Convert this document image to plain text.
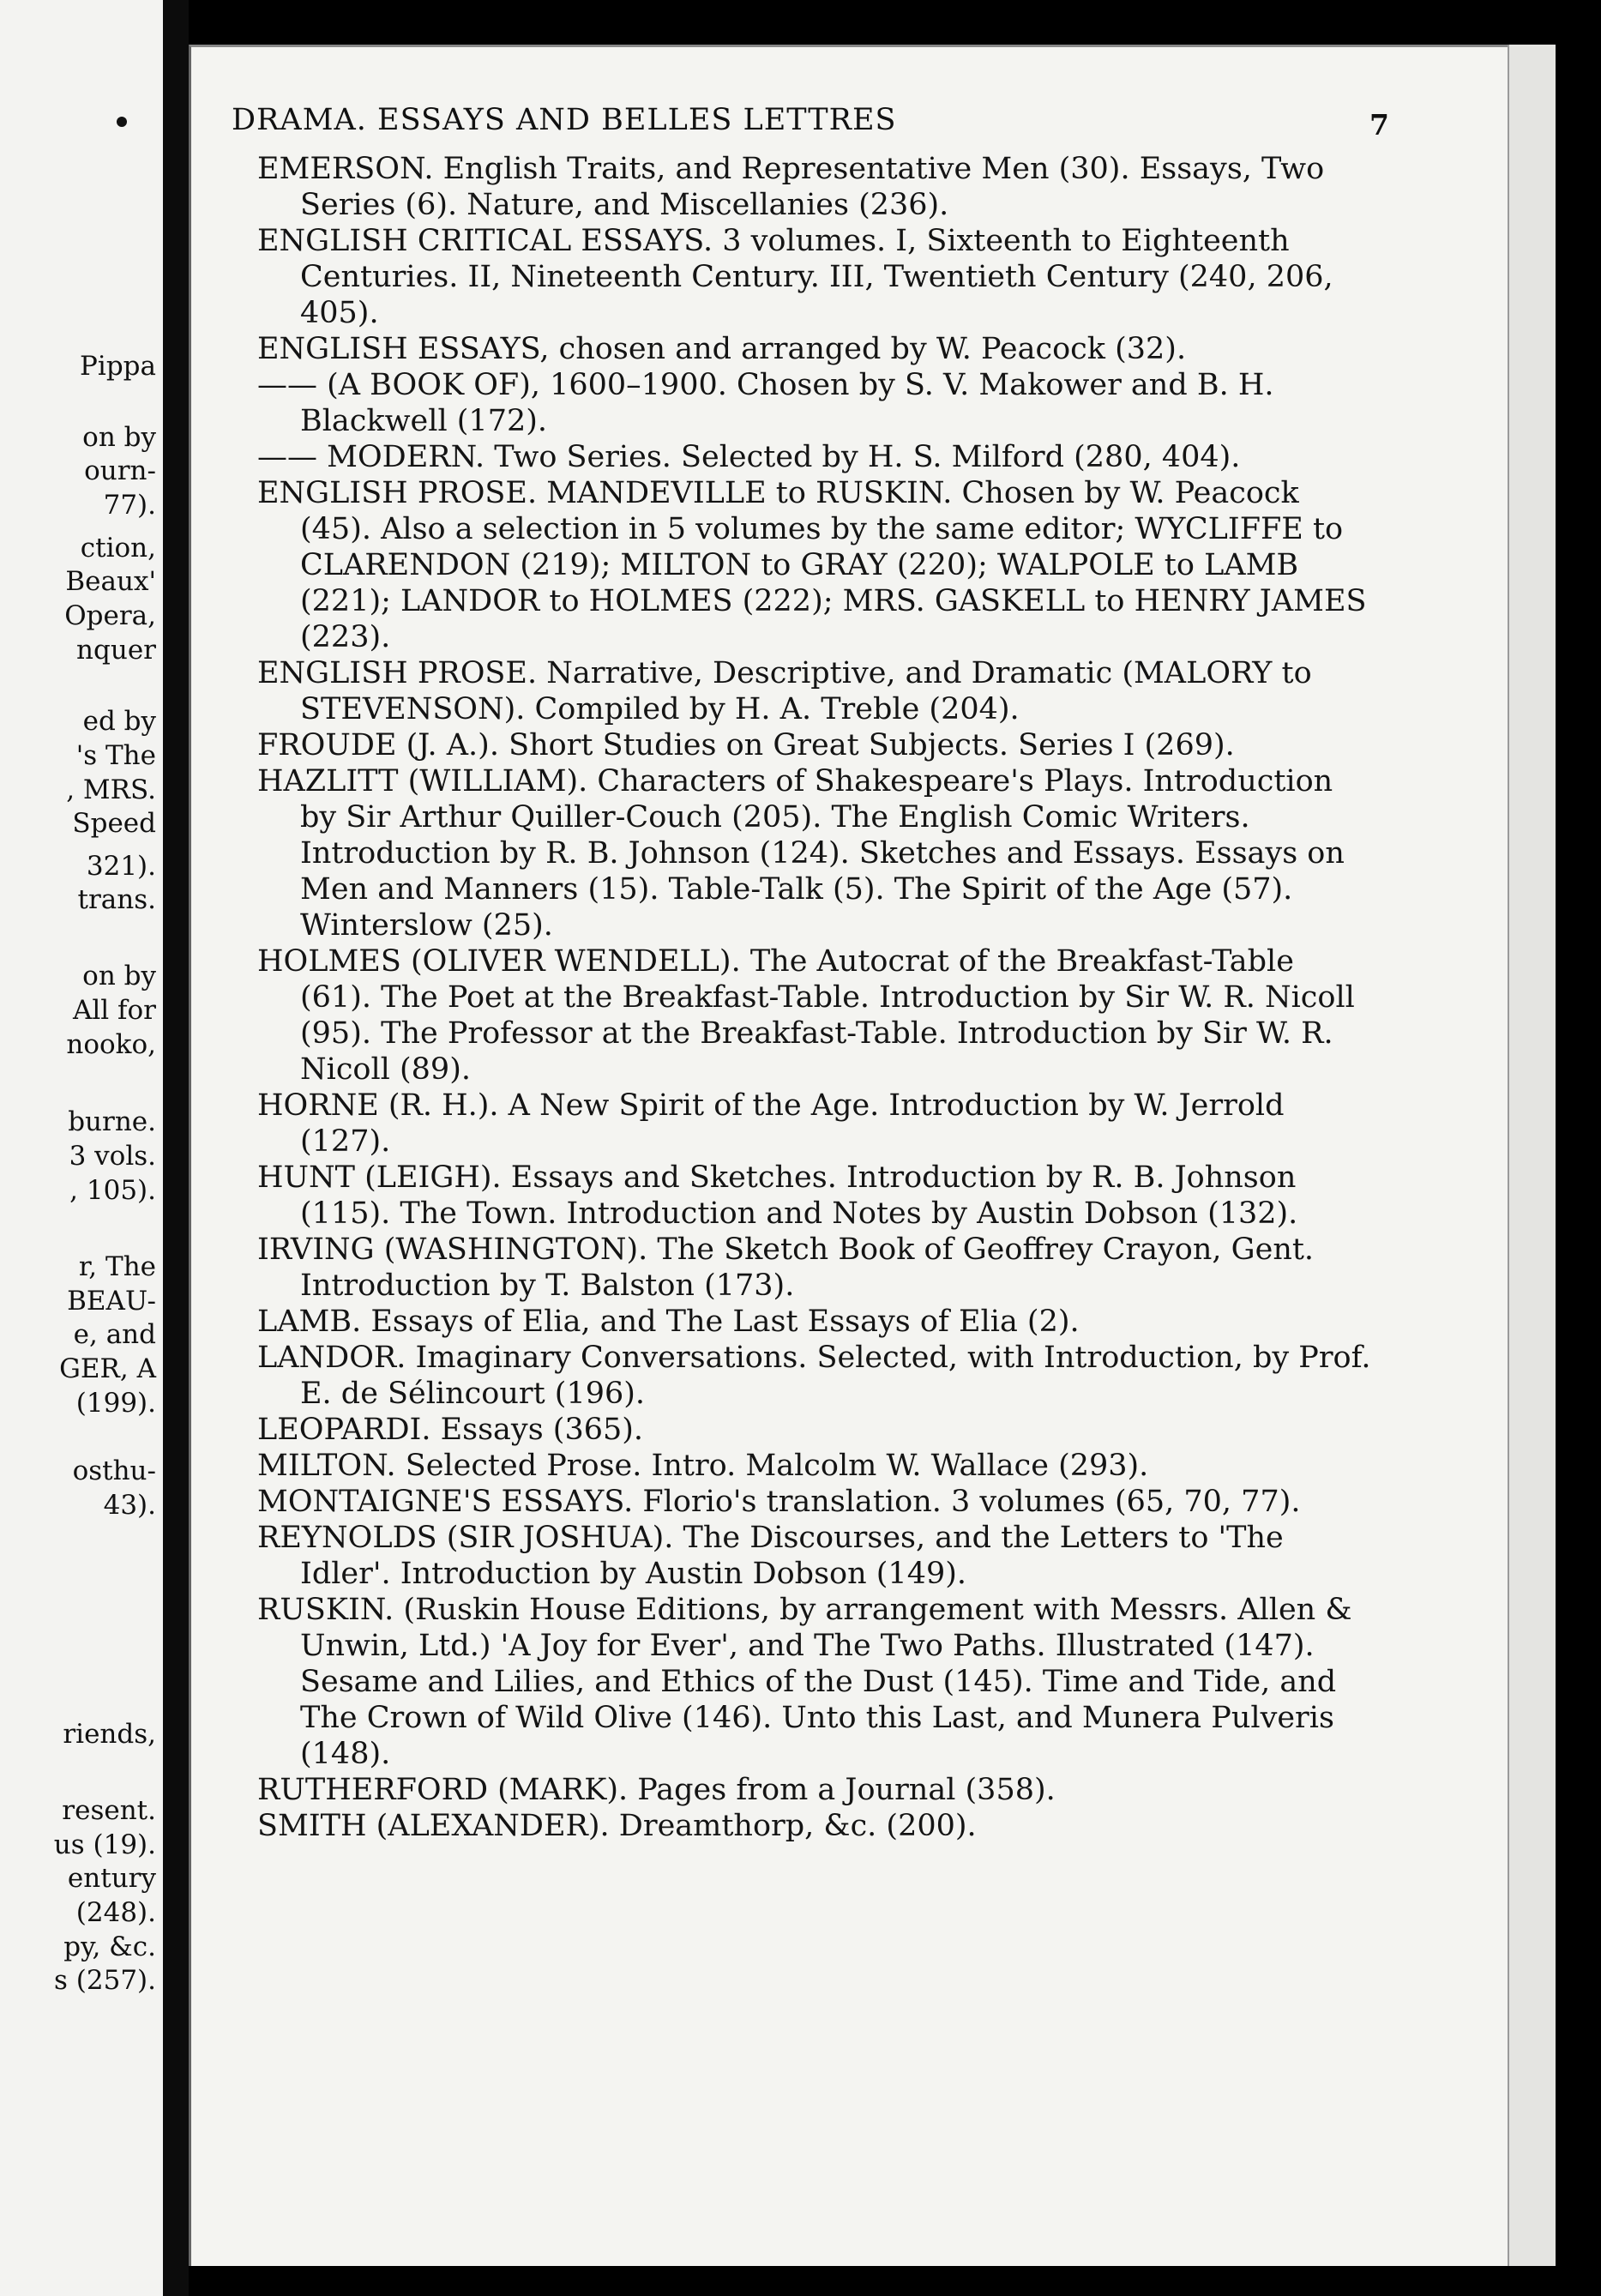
Pippa

on by

ourn-

77).

ction,

Beaux'

Opera,

nquer

ed by

's The

, MRS.

Speed

321).

trans.

on by

All for

nooko,

burne.

3 vols.

, 105).

r, The

BEAU-

e, and

GER, A

(199).

osthu-

43).

riends,

resent.

us (19).

entury

(248).

py, &c.

s (257).

DRAMA. ESSAYS AND BELLES LETTRES	7

EMERSON. English Traits, and Representative Men (30). Essays, Two Series (6). Nature, and Miscellanies (236).

ENGLISH CRITICAL ESSAYS. 3 volumes. I, Sixteenth to Eighteenth Centuries. II, Nineteenth Century. III, Twentieth Century (240, 206, 405).

ENGLISH ESSAYS, chosen and arranged by W. Peacock (32).

—— (A BOOK OF), 1600–1900. Chosen by S. V. Makower and B. H. Blackwell (172).

—— MODERN. Two Series. Selected by H. S. Milford (280, 404).

ENGLISH PROSE. MANDEVILLE to RUSKIN. Chosen by W. Peacock (45). Also a selection in 5 volumes by the same editor; WYCLIFFE to CLARENDON (219); MILTON to GRAY (220); WALPOLE to LAMB (221); LANDOR to HOLMES (222); MRS. GASKELL to HENRY JAMES (223).

ENGLISH PROSE. Narrative, Descriptive, and Dramatic (MALORY to STEVENSON). Compiled by H. A. Treble (204).

FROUDE (J. A.). Short Studies on Great Subjects. Series I (269).

HAZLITT (WILLIAM). Characters of Shakespeare's Plays. Introduction by Sir Arthur Quiller-Couch (205). The English Comic Writers. Introduction by R. B. Johnson (124). Sketches and Essays. Essays on Men and Manners (15). Table-Talk (5). The Spirit of the Age (57). Winterslow (25).

HOLMES (OLIVER WENDELL). The Autocrat of the Breakfast-Table (61). The Poet at the Breakfast-Table. Introduction by Sir W. R. Nicoll (95). The Professor at the Breakfast-Table. Introduction by Sir W. R. Nicoll (89).

HORNE (R. H.). A New Spirit of the Age. Introduction by W. Jerrold (127).

HUNT (LEIGH). Essays and Sketches. Introduction by R. B. Johnson (115). The Town. Introduction and Notes by Austin Dobson (132).

IRVING (WASHINGTON). The Sketch Book of Geoffrey Crayon, Gent. Introduction by T. Balston (173).

LAMB. Essays of Elia, and The Last Essays of Elia (2).

LANDOR. Imaginary Conversations. Selected, with Introduction, by Prof. E. de Sélincourt (196).

LEOPARDI. Essays (365).

MILTON. Selected Prose. Intro. Malcolm W. Wallace (293).

MONTAIGNE'S ESSAYS. Florio's translation. 3 volumes (65, 70, 77).

REYNOLDS (SIR JOSHUA). The Discourses, and the Letters to 'The Idler'. Introduction by Austin Dobson (149).

RUSKIN. (Ruskin House Editions, by arrangement with Messrs. Allen & Unwin, Ltd.) 'A Joy for Ever', and The Two Paths. Illustrated (147). Sesame and Lilies, and Ethics of the Dust (145). Time and Tide, and The Crown of Wild Olive (146). Unto this Last, and Munera Pulveris (148).

RUTHERFORD (MARK). Pages from a Journal (358).

SMITH (ALEXANDER). Dreamthorp, &c. (200).
